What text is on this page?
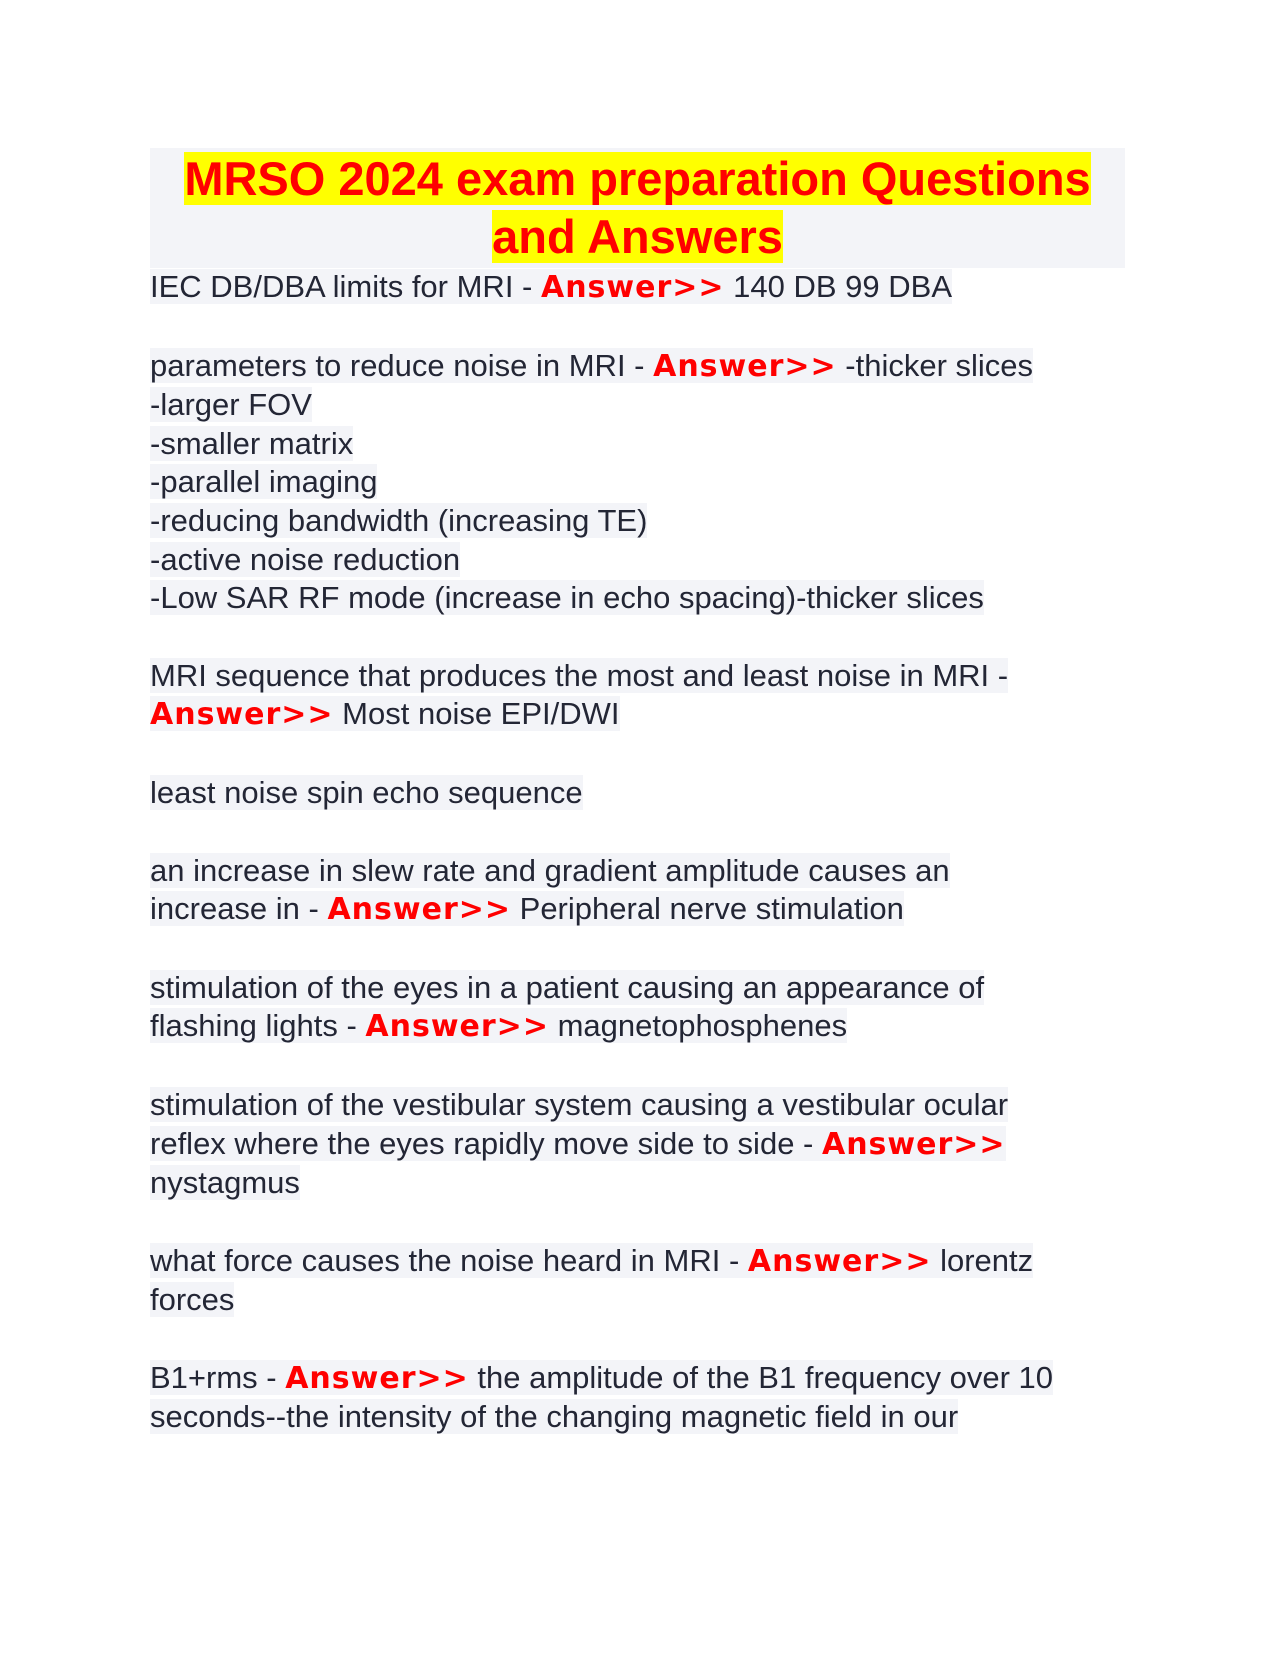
MRSO 2024 exam preparation Questions and Answers
IEC DB/DBA limits for MRI - Answer>> 140 DB 99 DBA
parameters to reduce noise in MRI - Answer>> -thicker slices
-larger FOV
-smaller matrix
-parallel imaging
-reducing bandwidth (increasing TE)
-active noise reduction
-Low SAR RF mode (increase in echo spacing)-thicker slices
MRI sequence that produces the most and least noise in MRI -
Answer>> Most noise EPI/DWI
least noise spin echo sequence
an increase in slew rate and gradient amplitude causes an
increase in - Answer>> Peripheral nerve stimulation
stimulation of the eyes in a patient causing an appearance of
flashing lights - Answer>> magnetophosphenes
stimulation of the vestibular system causing a vestibular ocular
reflex where the eyes rapidly move side to side - Answer>>
nystagmus
what force causes the noise heard in MRI - Answer>> lorentz
forces
B1+rms - Answer>> the amplitude of the B1 frequency over 10
seconds--the intensity of the changing magnetic field in our
